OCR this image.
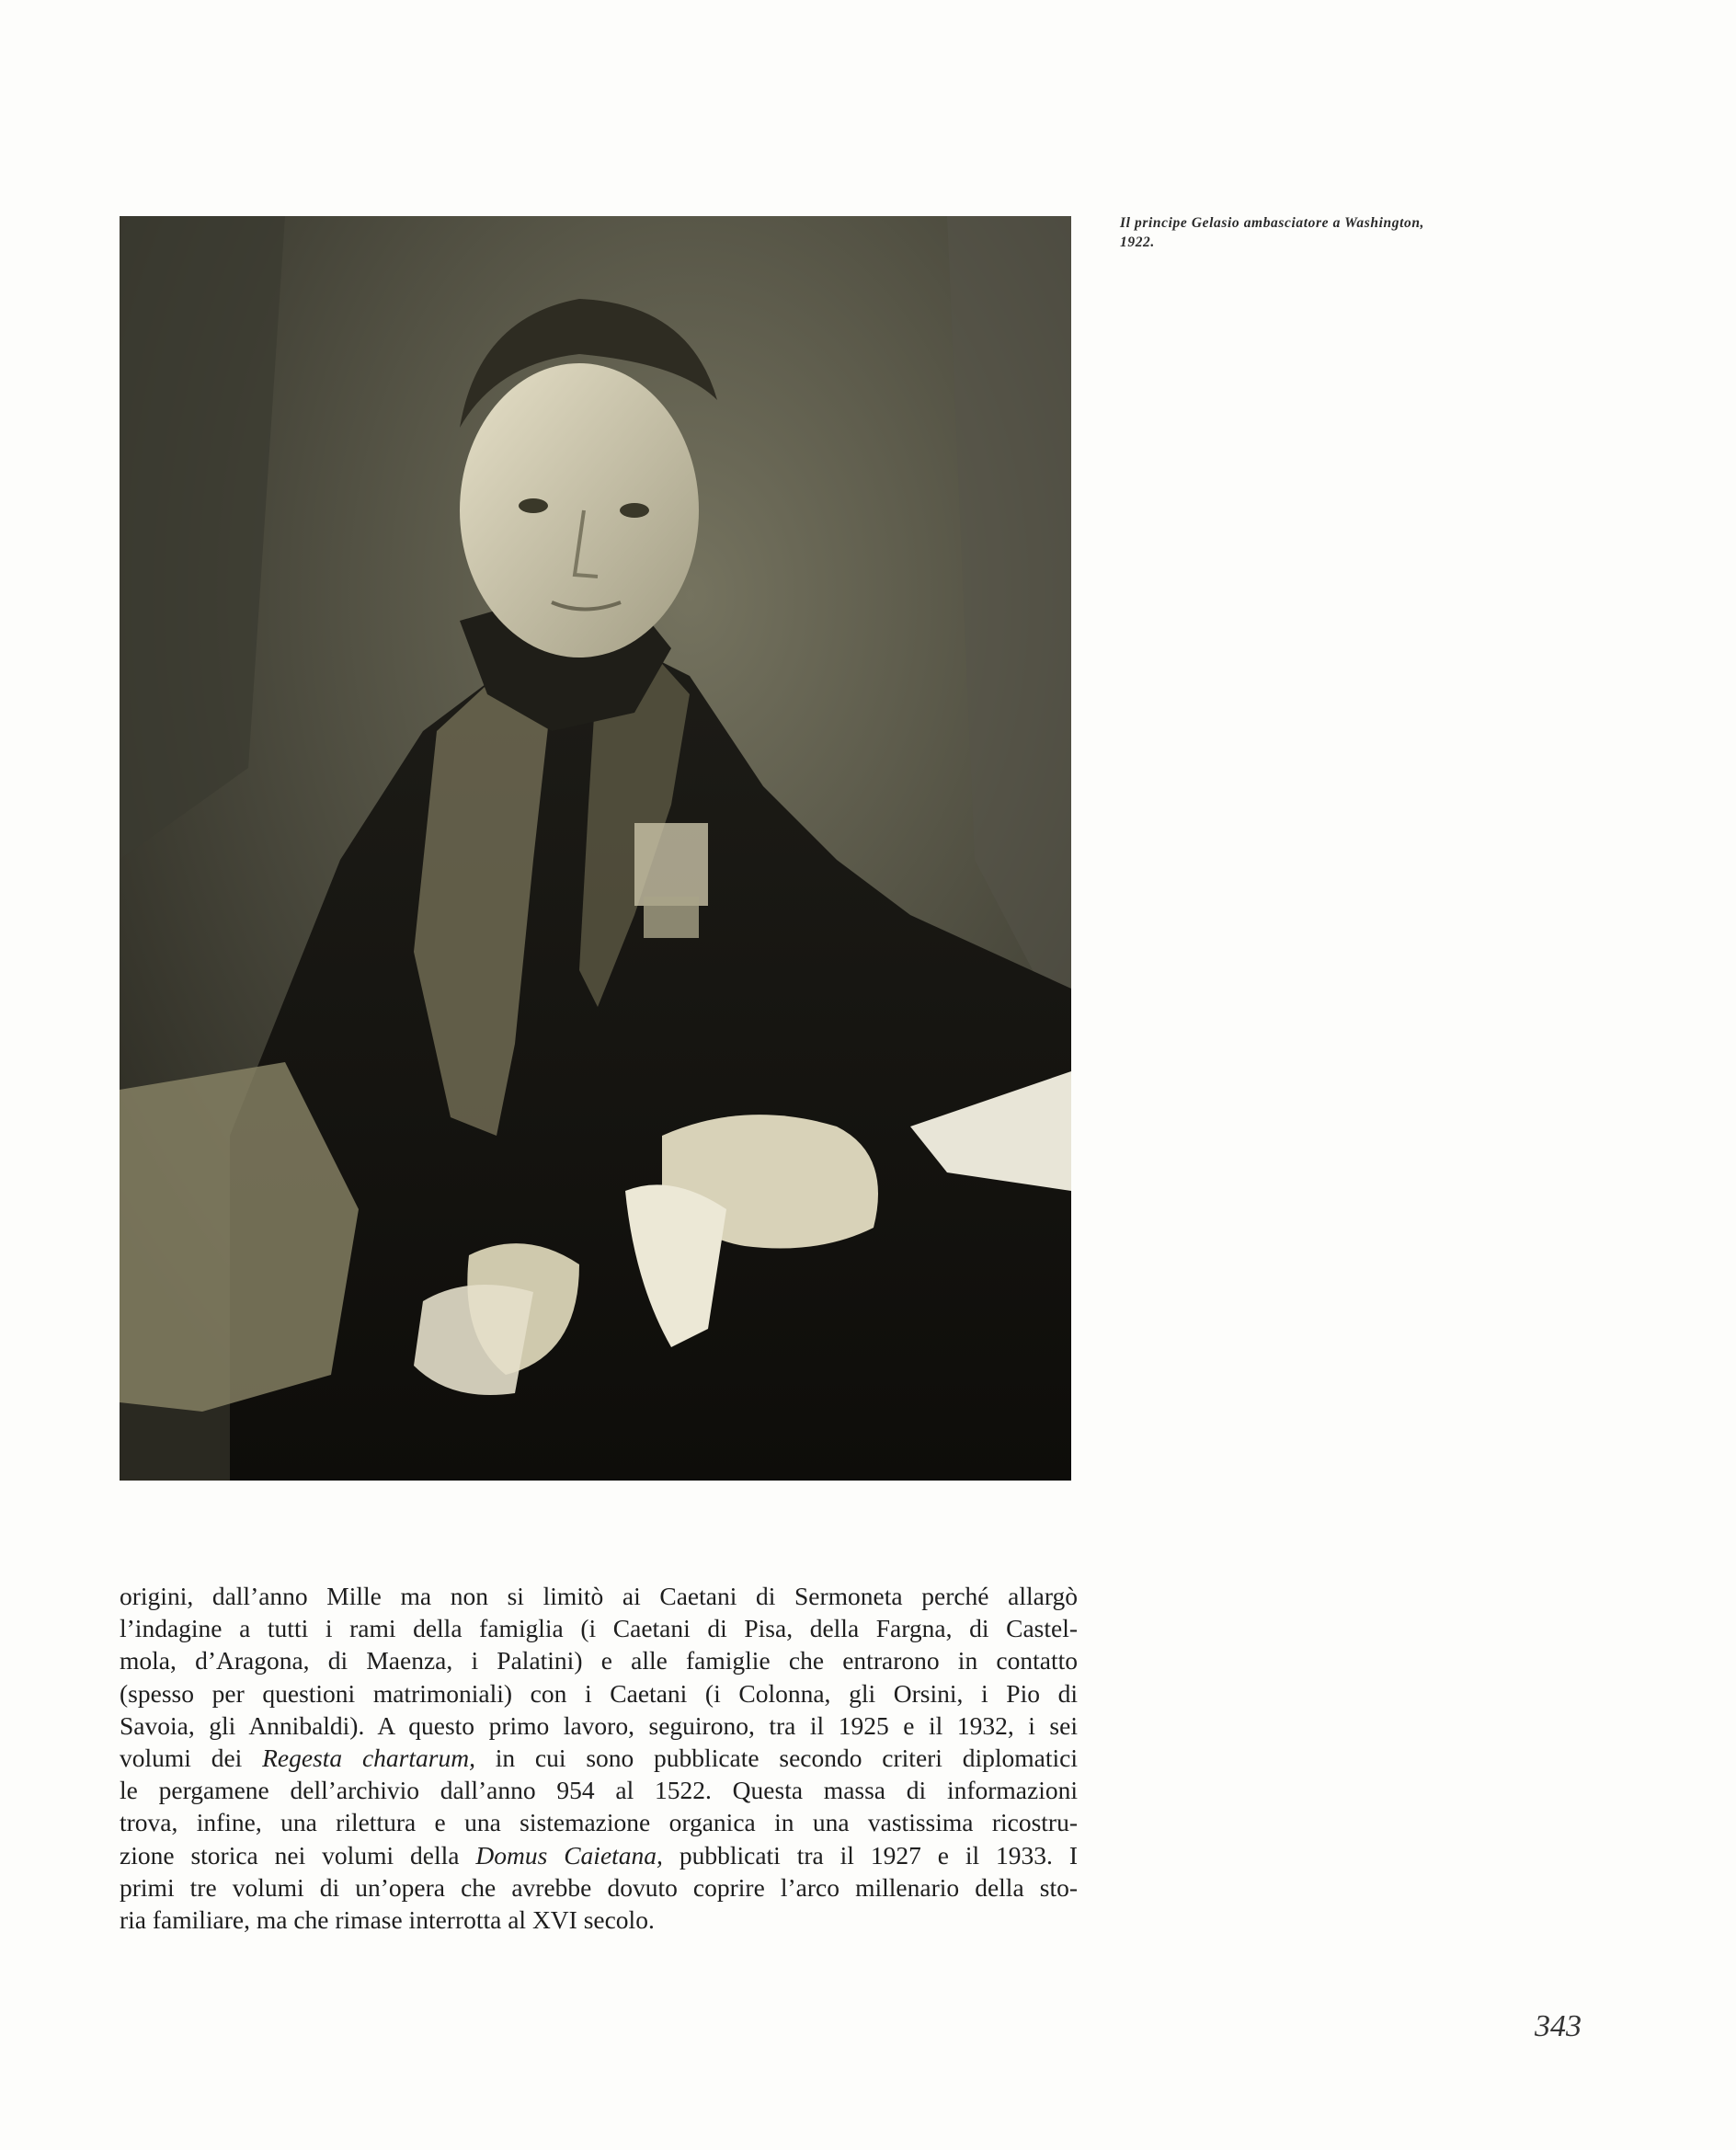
Il principe Gelasio ambasciatore a Washington,
1922.
origini, dall’anno Mille ma non si limitò ai Caetani di Sermoneta perché allargò
l’indagine a tutti i rami della famiglia (i Caetani di Pisa, della Fargna, di Castel-
mola, d’Aragona, di Maenza, i Palatini) e alle famiglie che entrarono in contatto
(spesso per questioni matrimoniali) con i Caetani (i Colonna, gli Orsini, i Pio di
Savoia, gli Annibaldi). A questo primo lavoro, seguirono, tra il 1925 e il 1932, i sei
volumi dei Regesta chartarum, in cui sono pubblicate secondo criteri diplomatici
le pergamene dell’archivio dall’anno 954 al 1522. Questa massa di informazioni
trova, infine, una rilettura e una sistemazione organica in una vastissima ricostru-
zione storica nei volumi della Domus Caietana, pubblicati tra il 1927 e il 1933. I
primi tre volumi di un’opera che avrebbe dovuto coprire l’arco millenario della sto-
ria familiare, ma che rimase interrotta al XVI secolo.
343
